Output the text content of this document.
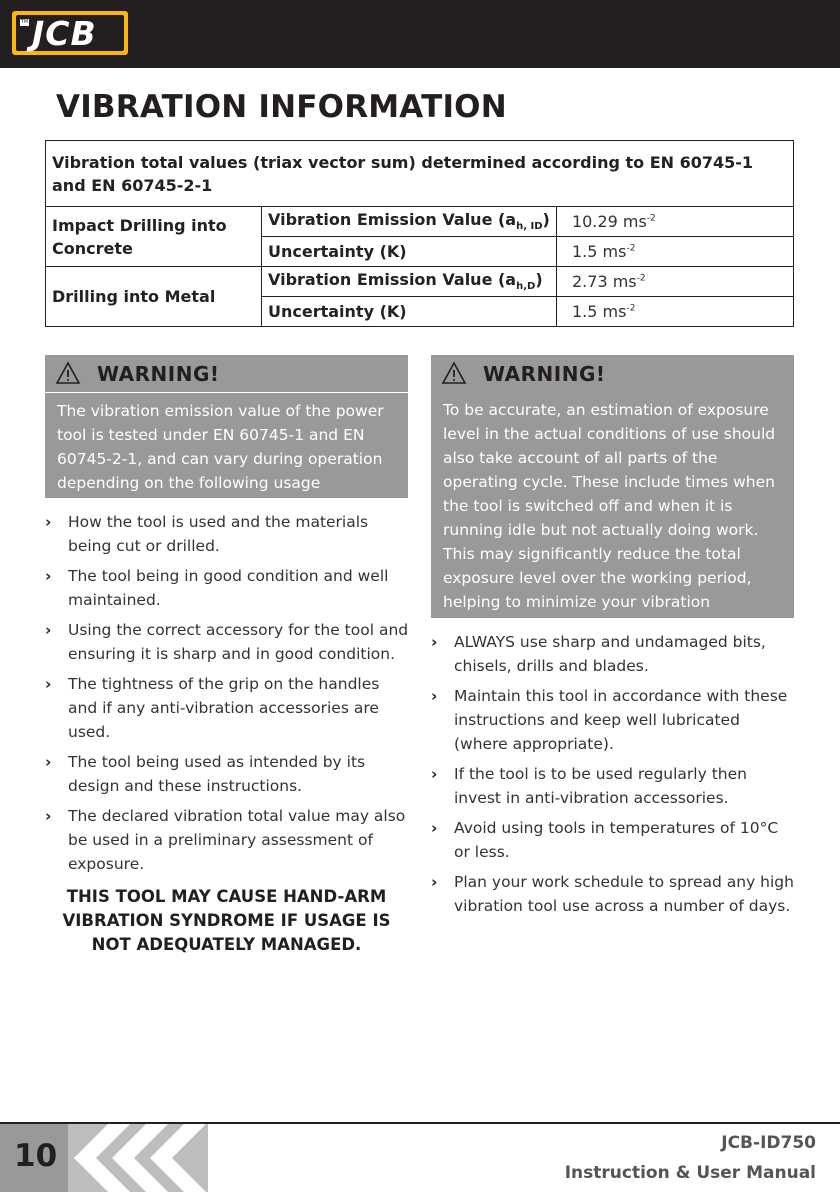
TM JCB
VIBRATION INFORMATION
Vibration total values (triax vector sum) determined according to EN 60745-1 and EN 60745-2-1		
Impact Drilling into Concrete	Vibration Emission Value $(a_{h, ID})$	10.29 $ms^{-2}$
	Uncertainty (K)	1.5 $ms^{-2}$
Drilling into Metal	Vibration Emission Value $(a_{h,D})$	2.73 $ms^{-2}$
	Uncertainty (K)	1.5 $ms^{-2}$
WARNING!
The vibration emission value of the power tool is tested under EN 60745-1 and EN 60745-2-1, and can vary during operation depending on the following usage conditions:
› How the tool is used and the materials being cut or drilled.
› The tool being in good condition and well maintained.
› Using the correct accessory for the tool and ensuring it is sharp and in good condition.
› The tightness of the grip on the handles and if any anti-vibration accessories are used.
› The tool being used as intended by its design and these instructions.
› The declared vibration total value may also be used in a preliminary assessment of exposure.
THIS TOOL MAY CAUSE HAND-ARM VIBRATION SYNDROME IF USAGE IS NOT ADEQUATELY MANAGED.
WARNING!
To be accurate, an estimation of exposure level in the actual conditions of use should also take account of all parts of the operating cycle. These include times when the tool is switched off and when it is running idle but not actually doing work. This may significantly reduce the total exposure level over the working period, helping to minimize your vibration exposure risk.
› ALWAYS use sharp and undamaged bits, chisels, drills and blades.
› Maintain this tool in accordance with these instructions and keep well lubricated (where appropriate).
› If the tool is to be used regularly then invest in anti-vibration accessories.
› Avoid using tools in temperatures of 10°C or less.
› Plan your work schedule to spread any high vibration tool use across a number of days.
10	JCB-ID750
Instruction & User Manual
